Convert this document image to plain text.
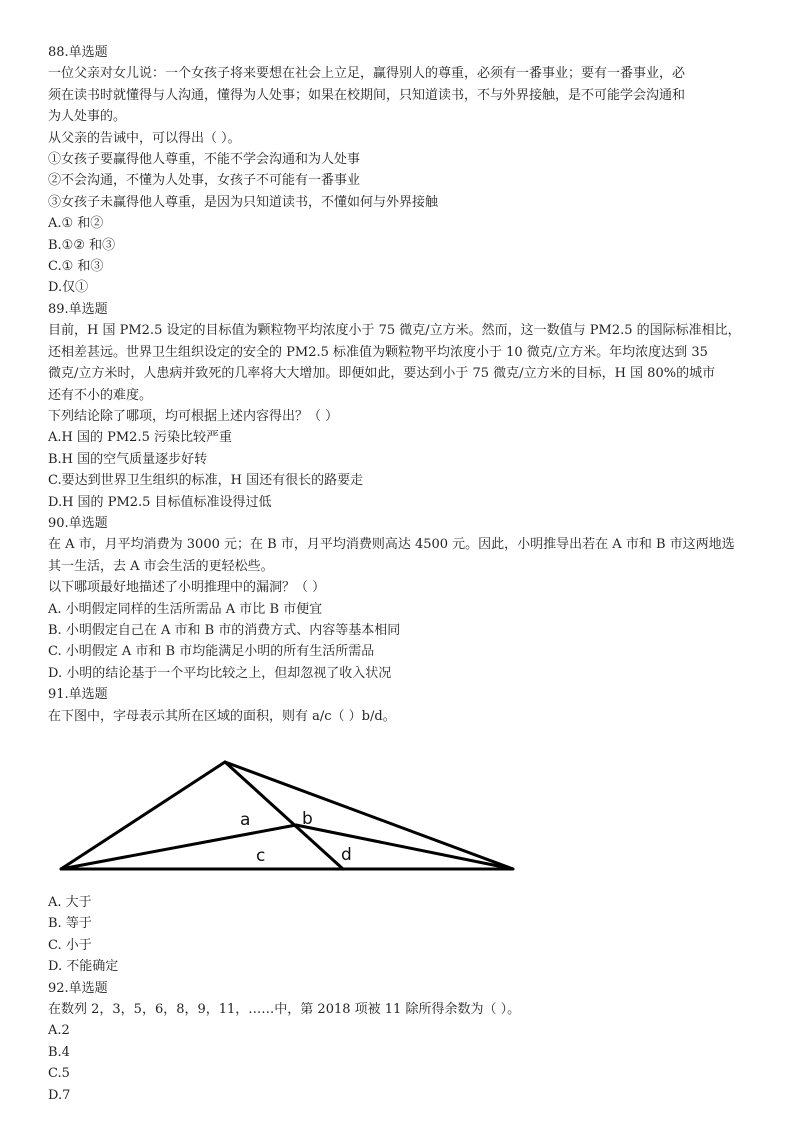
88.单选题
一位父亲对女儿说：一个女孩子将来要想在社会上立足，赢得别人的尊重，必须有一番事业；要有一番事业，必
须在读书时就懂得与人沟通，懂得为人处事；如果在校期间，只知道读书，不与外界接触，是不可能学会沟通和
为人处事的。
从父亲的告诫中，可以得出（ ）。
①女孩子要赢得他人尊重，不能不学会沟通和为人处事
②不会沟通，不懂为人处事，女孩子不可能有一番事业
③女孩子未赢得他人尊重，是因为只知道读书，不懂如何与外界接触
A.① 和②
B.①② 和③
C.① 和③
D.仅①
89.单选题
目前，H 国 PM2.5 设定的目标值为颗粒物平均浓度小于 75 微克/立方米。然而，这一数值与 PM2.5 的国际标准相比，
还相差甚远。世界卫生组织设定的安全的 PM2.5 标准值为颗粒物平均浓度小于 10 微克/立方米。年均浓度达到 35
微克/立方米时，人患病并致死的几率将大大增加。即便如此，要达到小于 75 微克/立方米的目标，H 国 80%的城市
还有不小的难度。
下列结论除了哪项，均可根据上述内容得出？（ ）
A.H 国的 PM2.5 污染比较严重
B.H 国的空气质量逐步好转
C.要达到世界卫生组织的标准，H 国还有很长的路要走
D.H 国的 PM2.5 目标值标准设得过低
90.单选题
在 A 市，月平均消费为 3000 元；在 B 市，月平均消费则高达 4500 元。因此，小明推导出若在 A 市和 B 市这两地选
其一生活，去 A 市会生活的更轻松些。
以下哪项最好地描述了小明推理中的漏洞？（ ）
A. 小明假定同样的生活所需品 A 市比 B 市便宜
B. 小明假定自己在 A 市和 B 市的消费方式、内容等基本相同
C. 小明假定 A 市和 B 市均能满足小明的所有生活所需品
D. 小明的结论基于一个平均比较之上，但却忽视了收入状况
91.单选题
在下图中，字母表示其所在区域的面积，则有 a/c（ ）b/d。
a	b
c	d
A. 大于
B. 等于
C. 小于
D. 不能确定
92.单选题
在数列 2，3，5，6，8，9，11，……中，第 2018 项被 11 除所得余数为（ ）。
A.2
B.4
C.5
D.7
